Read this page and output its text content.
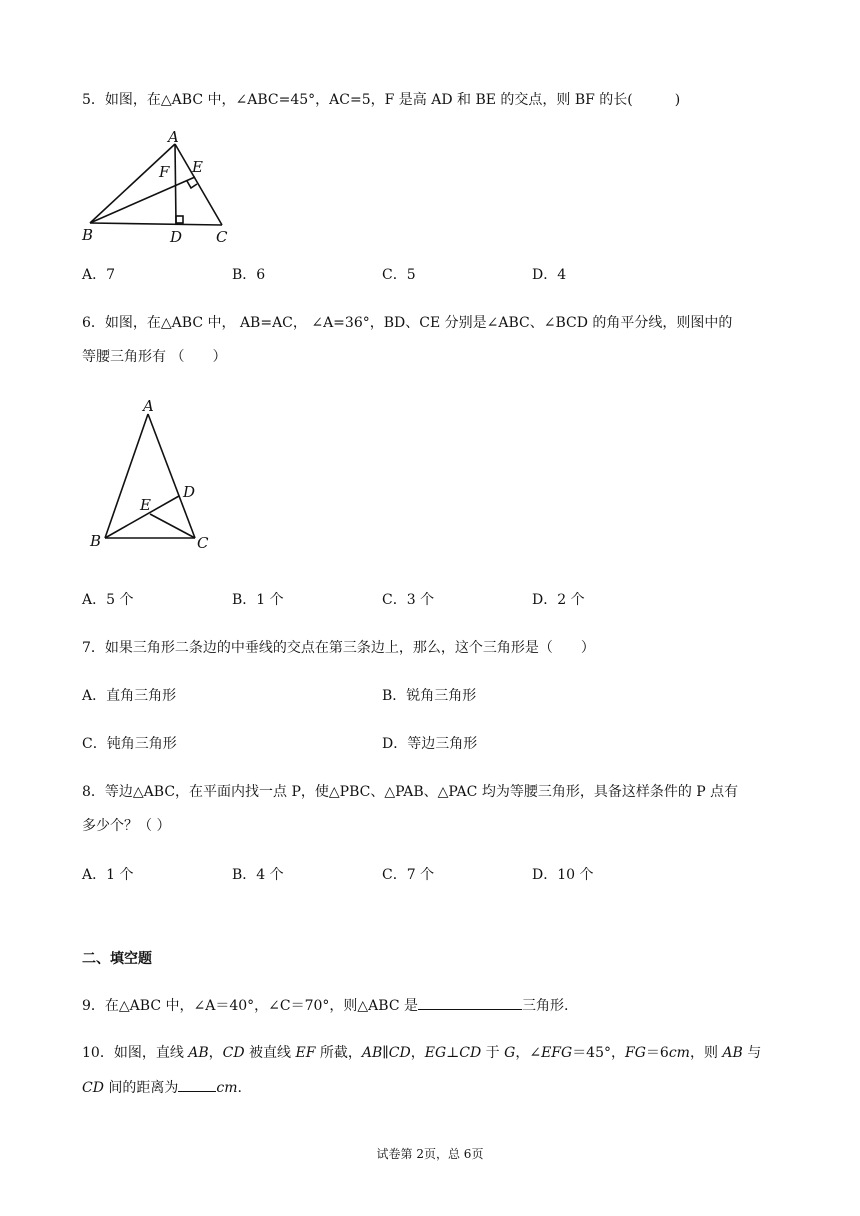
5．如图，在△ABC 中，∠ABC=45°，AC=5，F 是高 AD 和 BE 的交点，则 BF 的长(　　　)
A
E
F
B	D C
A．7	B．6	C．5	D．4
6．如图，在△ABC 中， AB=AC， ∠A=36°，BD、CE 分别是∠ABC、∠BCD 的角平分线，则图中的
等腰三角形有 （　　）
A
E
D
B	C
A．5 个	B．1 个	C．3 个	D．2 个
7．如果三角形二条边的中垂线的交点在第三条边上，那么，这个三角形是（　　）
A．直角三角形	B．锐角三角形
C．钝角三角形	D．等边三角形
8．等边△ABC，在平面内找一点 P，使△PBC、△PAB、△PAC 均为等腰三角形，具备这样条件的 P 点有
多少个？（ ）
A．1 个	B．4 个	C．7 个	D．10 个
二、填空题
9．在△ABC 中，∠A＝40°，∠C＝70°，则△ABC 是	三角形.
10．如图，直线 AB，CD 被直线 EF 所截，AB∥CD，EG⊥CD 于 G，∠EFG＝45°，FG＝6cm，则 AB 与
CD 间的距离为	cm.
试卷第 2页，总 6页
